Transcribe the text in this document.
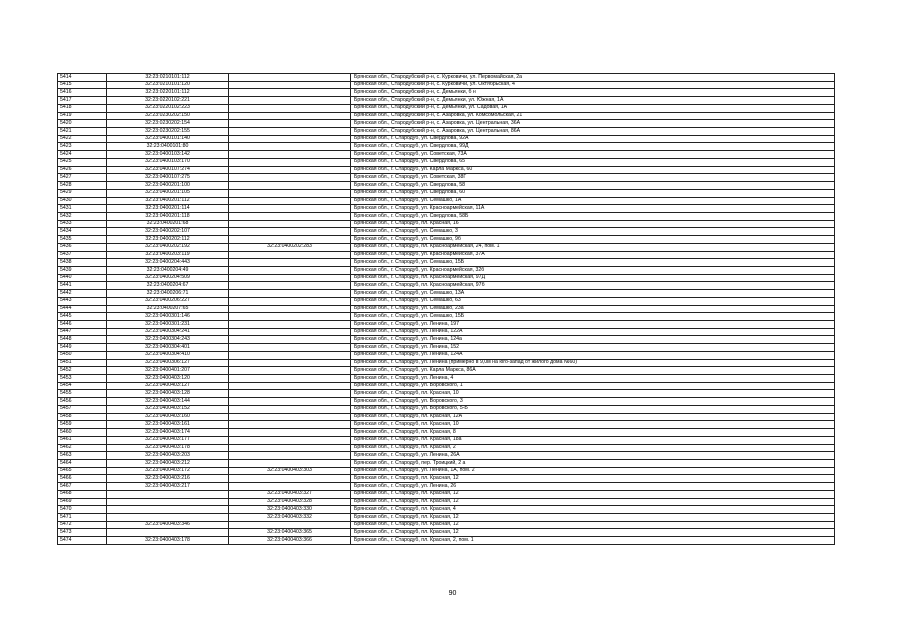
5414	32:23:0210101:112		Брянская обл., Стародубский р-н, с. Курковичи, ул. Первомайская, 2а
5415	32:23:0210101:120		Брянская обл., Стародубский р-н, с. Курковичи, ул. Октябрьская, 4
5416	32:23:0220101:112		Брянская обл., Стародубский р-н, с. Демьянки, б н
5417	32:23:0220102:221		Брянская обл., Стародубский р-н, с. Демьянки, ул. Южная, 1А
5418	32:23:0220102:223		Брянская обл., Стародубский р-н, с. Демьянки, ул. Садовая, 1А
5419	32:23:0230202:150		Брянская обл., Стародубский р-н, с. Азаровка, ул. Комсомольская, 21
5420	32:23:0230202:154		Брянская обл., Стародубский р-н, с. Азаровка, ул. Центральная, 36А
5421	32:23:0230202:155		Брянская обл., Стародубский р-н, с. Азаровка, ул. Центральная, 86А
5422	32:23:0400101:140		Брянская обл., г. Стародуб, ул. Свердлова, 92А
5423	32:23:0400101:80		Брянская обл., г. Стародуб, ул. Свердлова, 99Д
5424	32:23:0400103:142		Брянская обл., г. Стародуб, ул. Советская, 73А
5425	32:23:0400103:170		Брянская обл., г. Стародуб, ул. Свердлова, 65
5426	32:23:0400107:274		Брянская обл., г. Стародуб, ул. Карла Маркса, 60
5427	32:23:0400107:275		Брянская обл., г. Стародуб, ул. Советская, 38Г
5428	32:23:0400201:100		Брянская обл., г. Стародуб, ул. Свердлова, 58
5429	32:23:0400201:105		Брянская обл., г. Стародуб, ул. Свердлова, 60
5430	32:23:0400201:112		Брянская обл., г. Стародуб, ул. Семашко, 1А
5431	32:23:0400201:114		Брянская обл., г. Стародуб, ул. Красноармейская, 11А
5432	32:23:0400201:118		Брянская обл., г. Стародуб, ул. Свердлова, 58Б
5433	32:23:0400201:68		Брянская обл., г. Стародуб, пл. Красная, 16
5434	32:23:0400202:107		Брянская обл., г. Стародуб, ул. Семашко, 3
5435	32:23:0400202:112		Брянская обл., г. Стародуб, ул. Семашко, 9б
5436	32:23:0400202:192	32:23:0400202:283	Брянская обл., г. Стародуб, пл. Красноармейская, 24, пом. 1
5437	32:23:0400203:119		Брянская обл., г. Стародуб, ул. Красноармейская, 37А
5438	32:23:0400204:443		Брянская обл., г. Стародуб, ул. Семашко, 15Б
5439	32:23:0400204:49		Брянская обл., г. Стародуб, ул. Красноармейская, 32б
5440	32:23:0400204:509		Брянская обл., г. Стародуб, пл. Красноармейская, 97Д
5441	32:23:0400204:67		Брянская обл., г. Стародуб, пл. Красноармейская, 97б
5442	32:23:0400206:71		Брянская обл., г. Стародуб, ул. Семашко, 13А
5443	32:23:0400206:227		Брянская обл., г. Стародуб, ул. Семашко, 63
5444	32:23:0400207:65		Брянская обл., г. Стародуб, ул. Семашко, 23а
5445	32:23:0400301:146		Брянская обл., г. Стародуб, ул. Семашко, 15Б
5446	32:23:0400301:231		Брянская обл., г. Стародуб, ул. Ленина, 197
5447	32:23:0400304:241		Брянская обл., г. Стародуб, ул. Ленина, 122А
5448	32:23:0400304:243		Брянская обл., г. Стародуб, ул. Ленина, 124а
5449	32:23:0400304:401		Брянская обл., г. Стародуб, ул. Ленина, 152
5450	32:23:0400304:410		Брянская обл., г. Стародуб, ул. Ленина, 124А
5451	32:23:0400306:127		Брянская обл., г. Стародуб, ул. Ленина (примерно в 9,0м на юго-запад от жилого дома №60)
5452	32:23:0400401:207		Брянская обл., г. Стародуб, ул. Карла Маркса, 86А
5453	32:23:0400403:120		Брянская обл., г. Стародуб, ул. Ленина, 4
5454	32:23:0400403:127		Брянская обл., г. Стародуб, ул. Воровского, 1
5455	32:23:0400403:128		Брянская обл., г. Стародуб, пл. Красная, 10
5456	32:23:0400403:144		Брянская обл., г. Стародуб, ул. Воровского, 3
5457	32:23:0400403:152		Брянская обл., г. Стародуб, ул. Воровского, 5-Б
5458	32:23:0400403:160		Брянская обл., г. Стародуб, пл. Красная, 12А
5459	32:23:0400403:161		Брянская обл., г. Стародуб, пл. Красная, 10
5460	32:23:0400403:174		Брянская обл., г. Стародуб, пл. Красная, 8
5461	32:23:0400403:177		Брянская обл., г. Стародуб, пл. Красная, 18а
5462	32:23:0400403:178		Брянская обл., г. Стародуб, пл. Красная, 2
5463	32:23:0400403:203		Брянская обл., г. Стародуб, ул. Ленина, 26А
5464	32:23:0400403:212		Брянская обл., г. Стародуб, пер. Троицкий, 2 а
5465	32:23:0400403:172	32:23:0400403:303	Брянская обл., г. Стародуб, ул. Ленина, 1А, пом. 2
5466	32:23:0400403:216		Брянская обл., г. Стародуб, пл. Красная, 12
5467	32:23:0400403:217		Брянская обл., г. Стародуб, ул. Ленина, 26
5468		32:23:0400403:327	Брянская обл., г. Стародуб, пл. Красная, 12
5469		32:23:0400403:328	Брянская обл., г. Стародуб, пл. Красная, 12
5470		32:23:0400403:330	Брянская обл., г. Стародуб, пл. Красная, 4
5471		32:23:0400403:332	Брянская обл., г. Стародуб, пл. Красная, 12
5472	32:23:0400403:346		Брянская обл., г. Стародуб, пл. Красная, 12
5473		32:23:0400403:365	Брянская обл., г. Стародуб, пл. Красная, 12
5474	32:23:0400403:178	32:23:0400403:366	Брянская обл., г. Стародуб, пл. Красная, 2, пом. 1
90
